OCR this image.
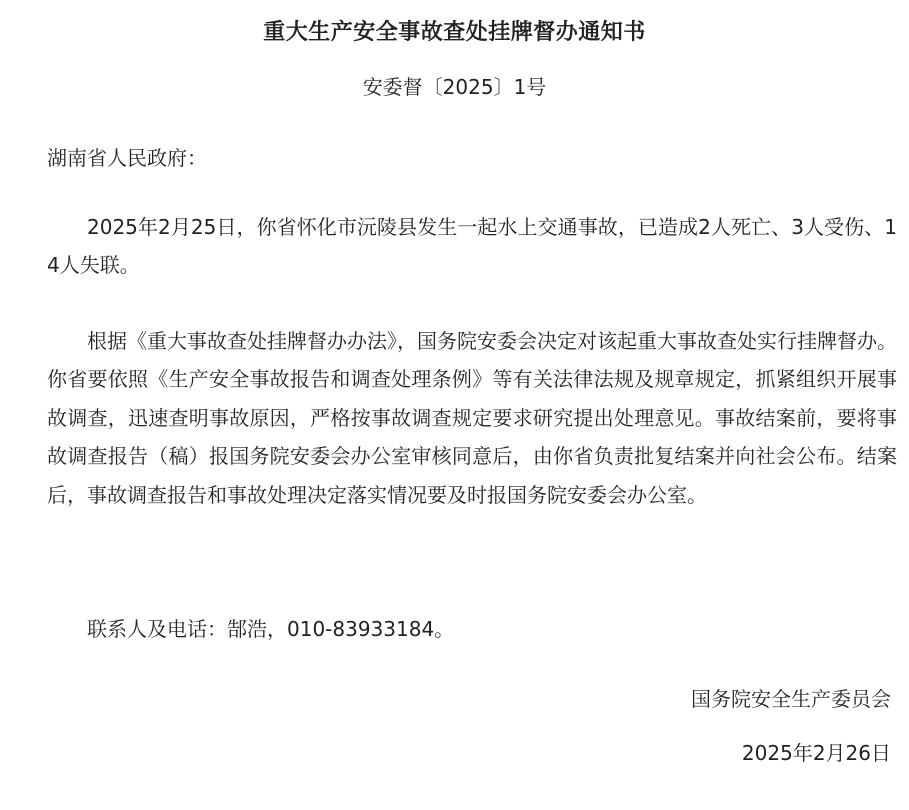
重大生产安全事故查处挂牌督办通知书
安委督〔2025〕1号
湖南省人民政府：
2025年2月25日，你省怀化市沅陵县发生一起水上交通事故，已造成2人死亡、3人受伤、14人失联。
根据《重大事故查处挂牌督办办法》，国务院安委会决定对该起重大事故查处实行挂牌督办。你省要依照《生产安全事故报告和调查处理条例》等有关法律法规及规章规定，抓紧组织开展事故调查，迅速查明事故原因，严格按事故调查规定要求研究提出处理意见。事故结案前，要将事故调查报告（稿）报国务院安委会办公室审核同意后，由你省负责批复结案并向社会公布。结案后，事故调查报告和事故处理决定落实情况要及时报国务院安委会办公室。
联系人及电话：郜浩，010-83933184。
国务院安全生产委员会
2025年2月26日
